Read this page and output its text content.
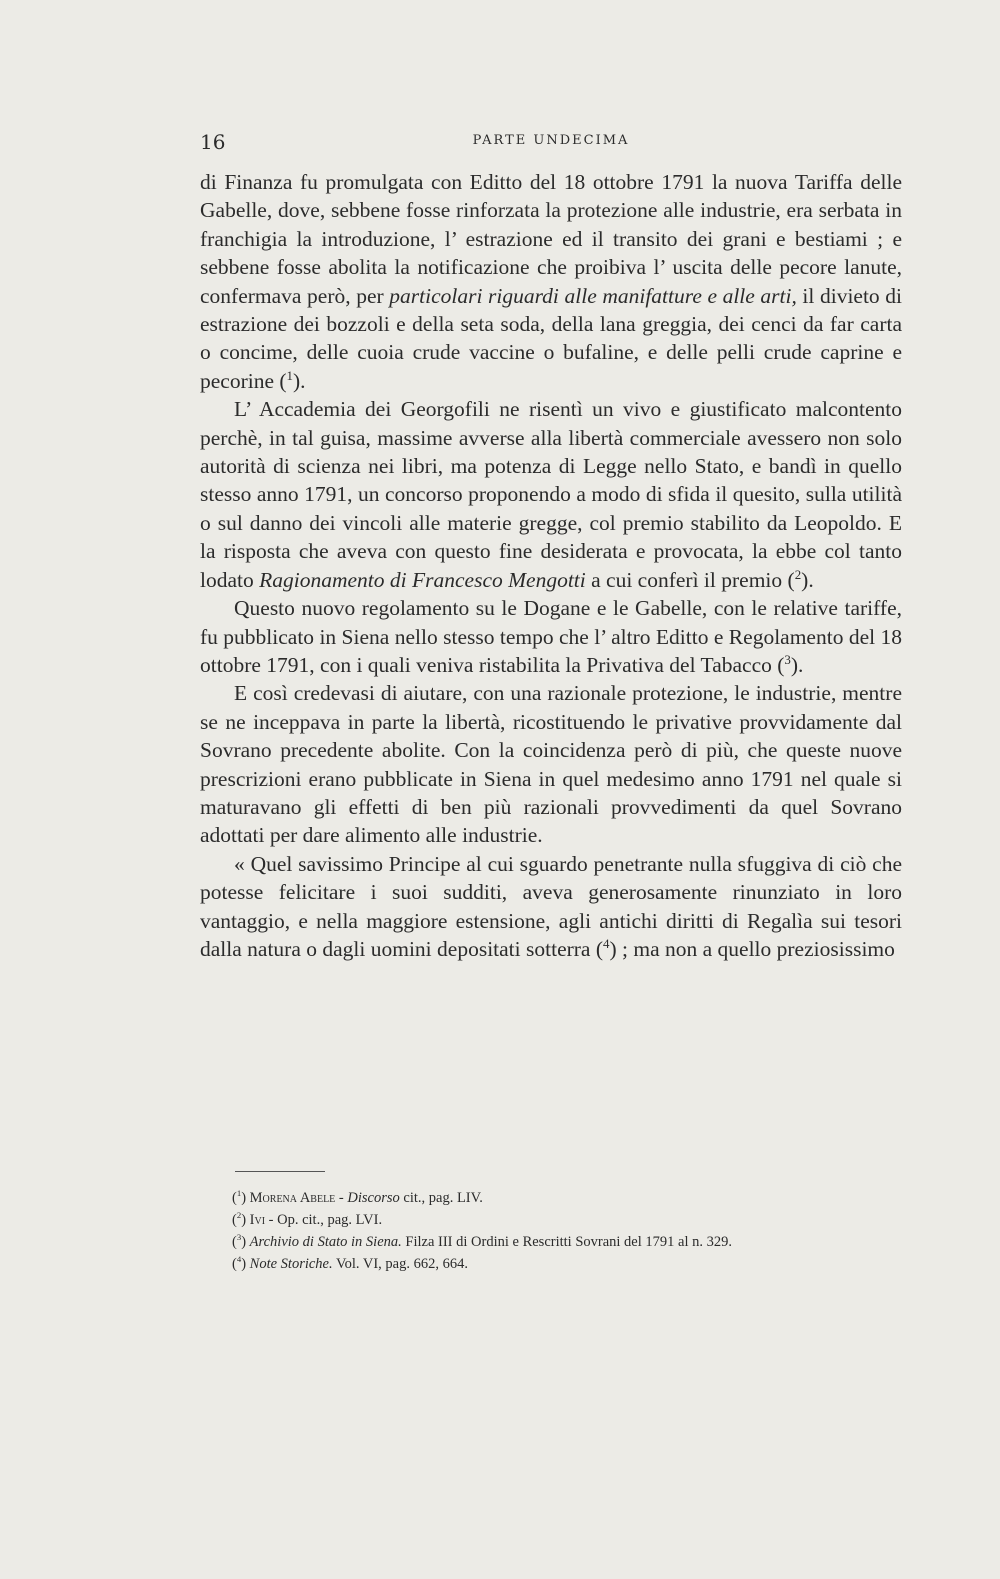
16	PARTE UNDECIMA

di Finanza fu promulgata con Editto del 18 ottobre 1791 la nuova Tariffa delle Gabelle, dove, sebbene fosse rinforzata la protezione alle industrie, era serbata in franchigia la introduzione, l’ estrazione ed il transito dei grani e bestiami ; e sebbene fosse abolita la notificazione che proibiva l’ uscita delle pecore lanute, confermava però, per particolari riguardi alle manifatture e alle arti, il divieto di estrazione dei bozzoli e della seta soda, della lana greggia, dei cenci da far carta o concime, delle cuoia crude vaccine o bufaline, e delle pelli crude caprine e pecorine ($^1$).

L’ Accademia dei Georgofili ne risentì un vivo e giustificato malcontento perchè, in tal guisa, massime avverse alla libertà commerciale avessero non solo autorità di scienza nei libri, ma potenza di Legge nello Stato, e bandì in quello stesso anno 1791, un concorso proponendo a modo di sfida il quesito, sulla utilità o sul danno dei vincoli alle materie gregge, col premio stabilito da Leopoldo. E la risposta che aveva con questo fine desiderata e provocata, la ebbe col tanto lodato Ragionamento di Francesco Mengotti a cui conferì il premio ($^2$).

Questo nuovo regolamento su le Dogane e le Gabelle, con le relative tariffe, fu pubblicato in Siena nello stesso tempo che l’ altro Editto e Regolamento del 18 ottobre 1791, con i quali veniva ristabilita la Privativa del Tabacco ($^3$).

E così credevasi di aiutare, con una razionale protezione, le industrie, mentre se ne inceppava in parte la libertà, ricostituendo le privative provvidamente dal Sovrano precedente abolite. Con la coincidenza però di più, che queste nuove prescrizioni erano pubblicate in Siena in quel medesimo anno 1791 nel quale si maturavano gli effetti di ben più razionali provvedimenti da quel Sovrano adottati per dare alimento alle industrie.

« Quel savissimo Principe al cui sguardo penetrante nulla sfuggiva di ciò che potesse felicitare i suoi sudditi, aveva generosamente rinunziato in loro vantaggio, e nella maggiore estensione, agli antichi diritti di Regalìa sui tesori dalla natura o dagli uomini depositati sotterra ($^4$) ; ma non a quello preziosissimo

($^1$) Morena Abele - Discorso cit., pag. LIV.

($^2$) Ivi - Op. cit., pag. LVI.

($^3$) Archivio di Stato in Siena. Filza III di Ordini e Rescritti Sovrani del 1791 al n. 329.

($^4$) Note Storiche. Vol. VI, pag. 662, 664.
